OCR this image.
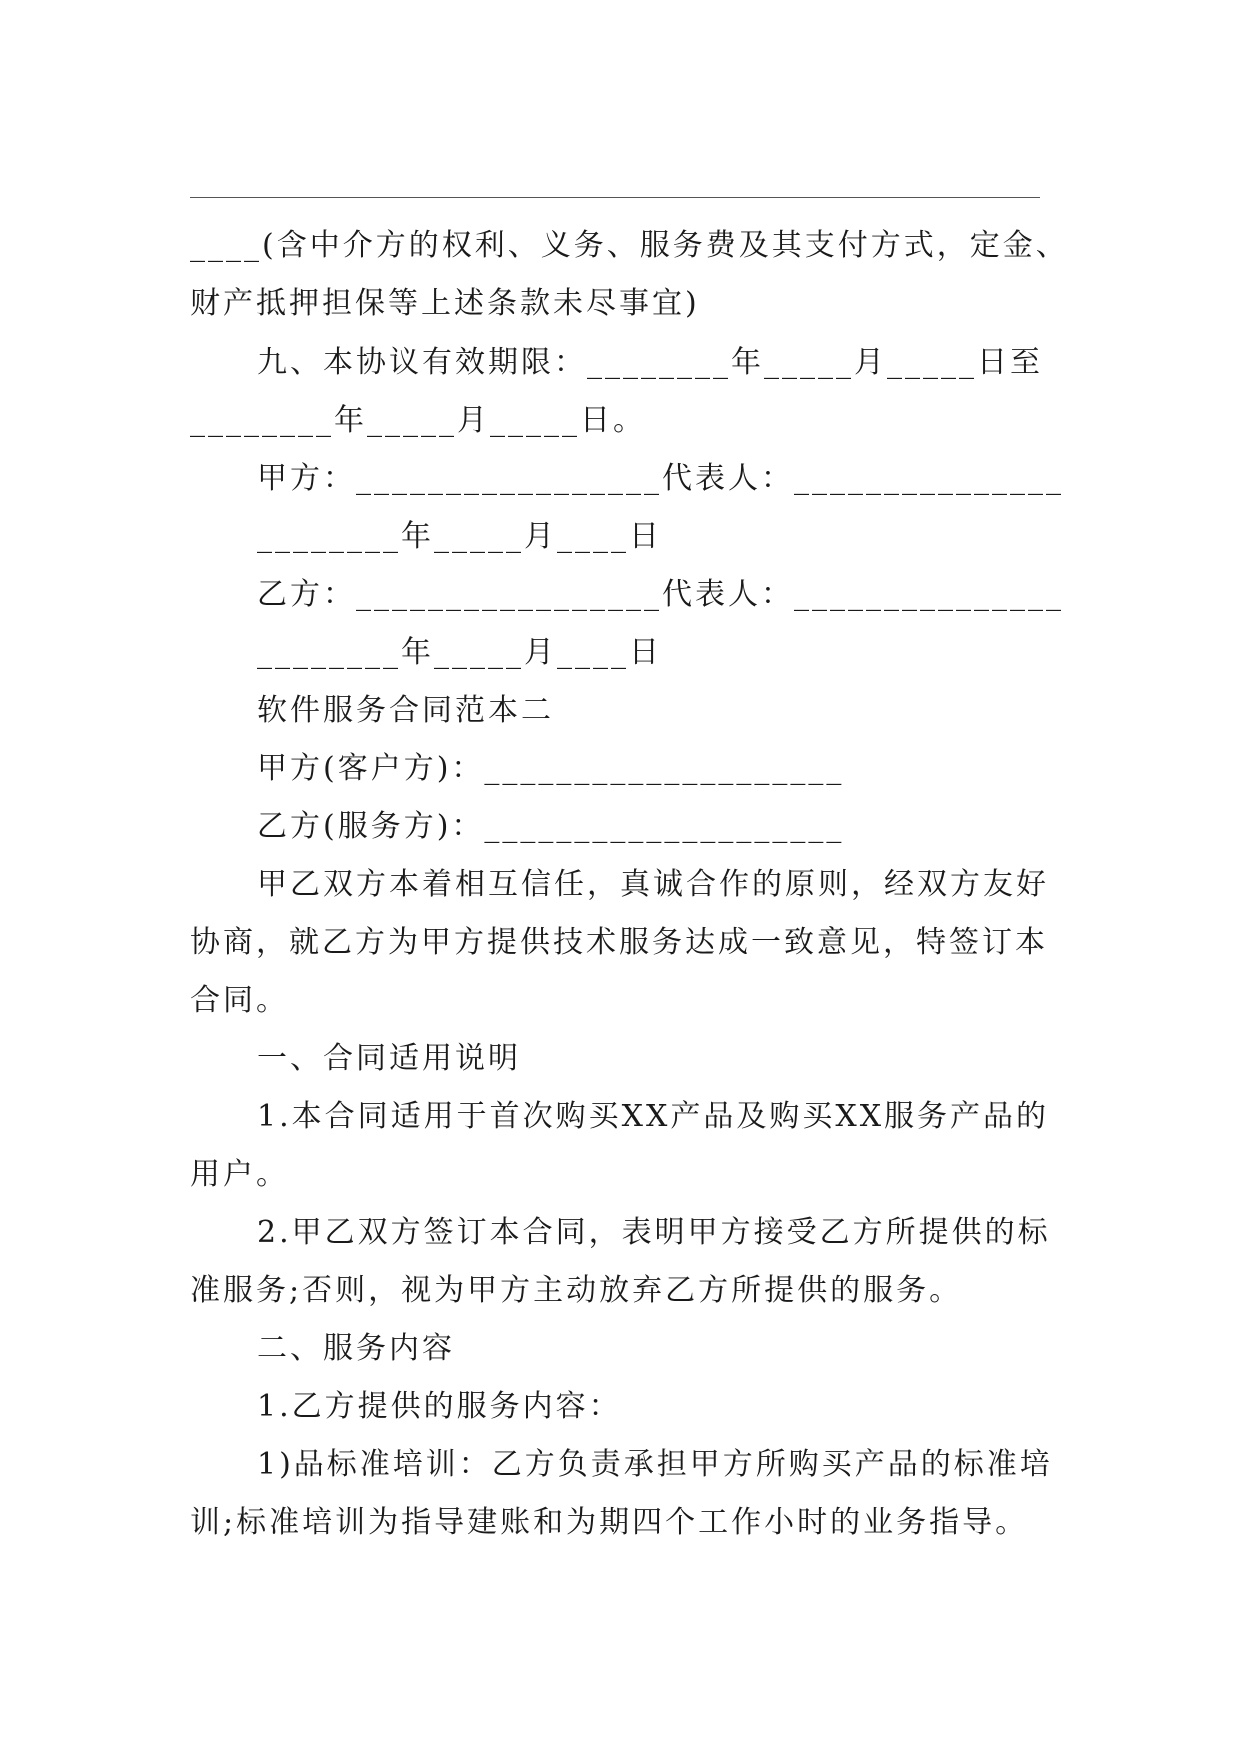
____(含中介方的权利、义务、服务费及其支付方式，定金、
财产抵押担保等上述条款未尽事宜)
九、本协议有效期限：________年_____月_____日至
________年_____月_____日。
甲方：_________________代表人：_______________
________年_____月____日
乙方：_________________代表人：_______________
________年_____月____日
软件服务合同范本二
甲方(客户方)：____________________
乙方(服务方)：____________________
甲乙双方本着相互信任，真诚合作的原则，经双方友好
协商，就乙方为甲方提供技术服务达成一致意见，特签订本
合同。
一、合同适用说明
1.本合同适用于首次购买XX产品及购买XX服务产品的
用户。
2.甲乙双方签订本合同，表明甲方接受乙方所提供的标
准服务;否则，视为甲方主动放弃乙方所提供的服务。
二、服务内容
1.乙方提供的服务内容：
1)品标准培训：乙方负责承担甲方所购买产品的标准培
训;标准培训为指导建账和为期四个工作小时的业务指导。
